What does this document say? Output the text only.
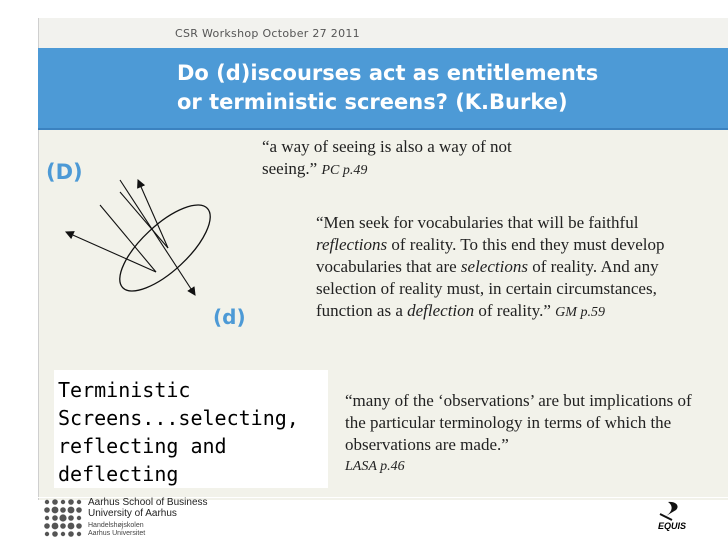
CSR Workshop October 27 2011
Do (d)iscourses act as entitlements
or terministic screens? (K.Burke)
(D)
(d)
“a way of seeing is also a way of not
seeing.” PC p.49
“Men seek for vocabularies that will be faithful reflections of reality. To this end they must develop vocabularies that are selections of reality. And any selection of reality must, in certain circumstances, function as a deflection of reality.” GM p.59
Terministic
Screens...selecting,
reflecting and
deflecting
“many of the ‘observations’ are but implications of the particular terminology in terms of which the observations are made.”
LASA p.46
Aarhus School of Business
University of Aarhus
Handelshøjskolen
Aarhus Universitet
EQUIS
